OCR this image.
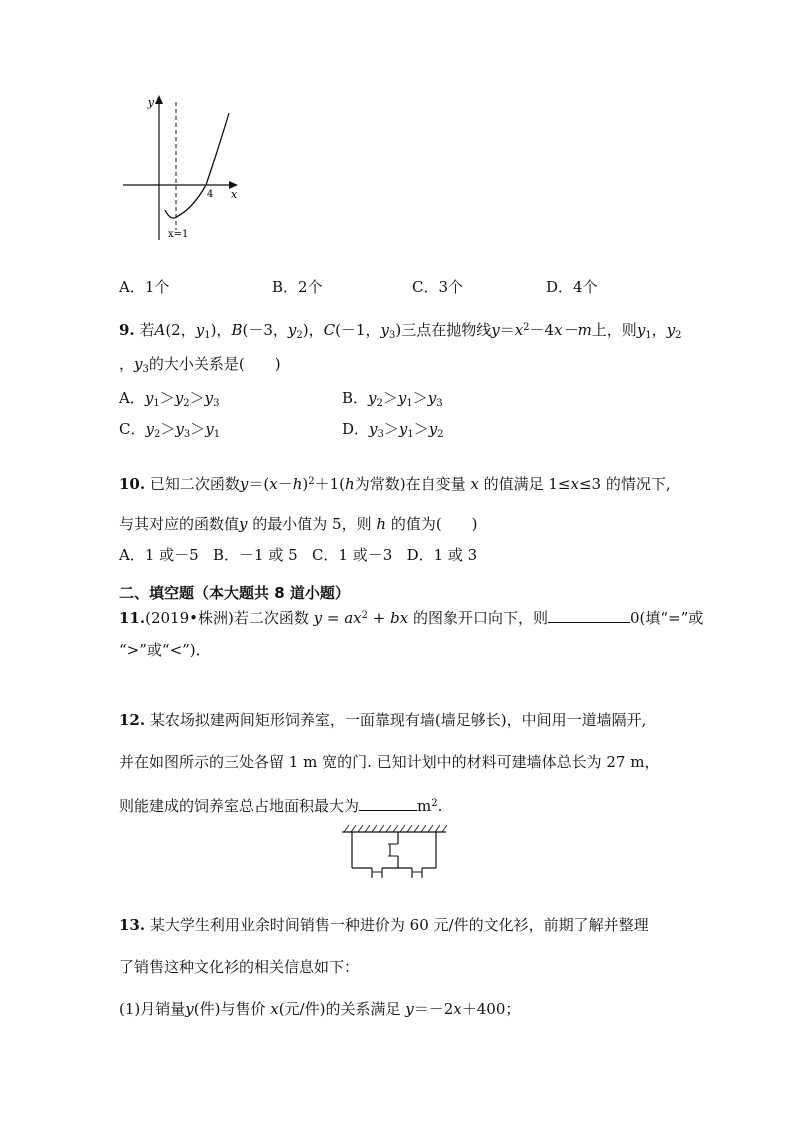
y
x
4
x=1
A．1个	B．2个	C．3个	D．4个
9. 若A(2，$y_1$)，B(－3，$y_2$)，C(－1，$y_3$)三点在抛物线$y=x^2-4x-m$上，则$y_1$，$y_2$
，$y_3$的大小关系是(　　)
A．$y_1>y_2>y_3$	B．$y_2>y_1>y_3$
C．$y_2>y_3>y_1$	D．$y_3>y_1>y_2$
10. 已知二次函数$y=(x-h)^2+1(h$为常数)在自变量 x 的值满足 1≤x≤3 的情况下,
与其对应的函数值y 的最小值为 5，则 h 的值为(　　)
A．1 或－5   B．－1 或 5   C．1 或－3   D．1 或 3
二、填空题（本大题共 8 道小题）
11.(2019•株洲)若二次函数 $y = ax^2$ + bx 的图象开口向下，则	0(填“=”或
“>”或“<”)．
12. 某农场拟建两间矩形饲养室，一面靠现有墙(墙足够长)，中间用一道墙隔开,
并在如图所示的三处各留 1 m 宽的门. 已知计划中的材料可建墙体总长为 27 m，
则能建成的饲养室总占地面积最大为	$m^2$.
13. 某大学生利用业余时间销售一种进价为 60 元/件的文化衫，前期了解并整理
了销售这种文化衫的相关信息如下：
(1)月销量y(件)与售价 x(元/件)的关系满足 y＝－2x＋400；
